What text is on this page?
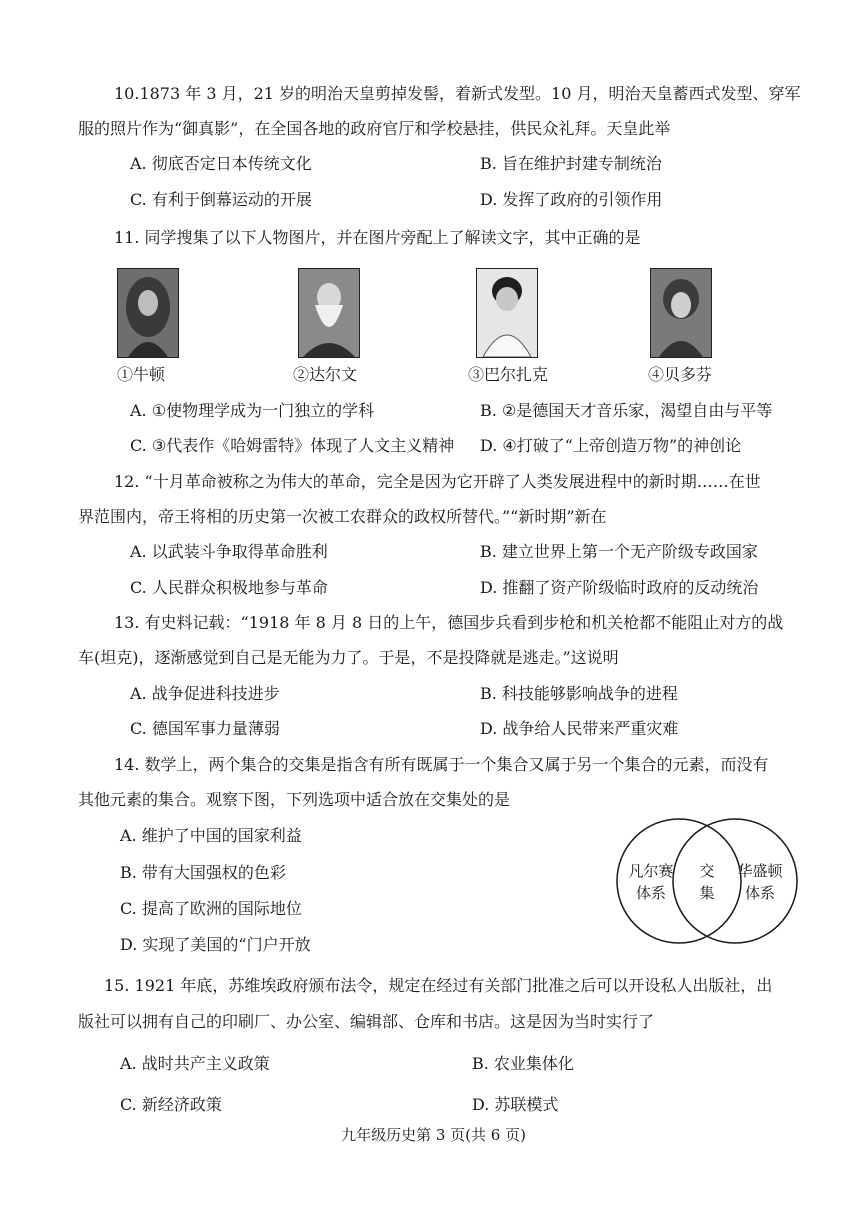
10.1873 年 3 月，21 岁的明治天皇剪掉发髻，着新式发型。10 月，明治天皇蓄西式发型、穿军
服的照片作为“御真影”，在全国各地的政府官厅和学校悬挂，供民众礼拜。天皇此举
A. 彻底否定日本传统文化	B. 旨在维护封建专制统治
C. 有利于倒幕运动的开展	D. 发挥了政府的引领作用
11. 同学搜集了以下人物图片，并在图片旁配上了解读文字，其中正确的是
①牛顿	②达尔文	③巴尔扎克	④贝多芬
A. ①使物理学成为一门独立的学科	B. ②是德国天才音乐家，渴望自由与平等
C. ③代表作《哈姆雷特》体现了人文主义精神 D. ④打破了“上帝创造万物”的神创论
12. “十月革命被称之为伟大的革命，完全是因为它开辟了人类发展进程中的新时期……在世
界范围内，帝王将相的历史第一次被工农群众的政权所替代。”“新时期”新在
A. 以武装斗争取得革命胜利	B. 建立世界上第一个无产阶级专政国家
C. 人民群众积极地参与革命	D. 推翻了资产阶级临时政府的反动统治
13. 有史料记载：“1918 年 8 月 8 日的上午，德国步兵看到步枪和机关枪都不能阻止对方的战
车(坦克)，逐渐感觉到自己是无能为力了。于是，不是投降就是逃走。”这说明
A. 战争促进科技进步	B. 科技能够影响战争的进程
C. 德国军事力量薄弱	D. 战争给人民带来严重灾难
14. 数学上，两个集合的交集是指含有所有既属于一个集合又属于另一个集合的元素，而没有
其他元素的集合。观察下图，下列选项中适合放在交集处的是
A. 维护了中国的国家利益
B. 带有大国强权的色彩
C. 提高了欧洲的国际地位
D. 实现了美国的“门户开放
凡尔赛
体系
交
集
华盛顿
体系
15. 1921 年底，苏维埃政府颁布法令，规定在经过有关部门批准之后可以开设私人出版社，出
版社可以拥有自己的印刷厂、办公室、编辑部、仓库和书店。这是因为当时实行了
A. 战时共产主义政策	B. 农业集体化
C. 新经济政策	D. 苏联模式
九年级历史第 3 页(共 6 页)
